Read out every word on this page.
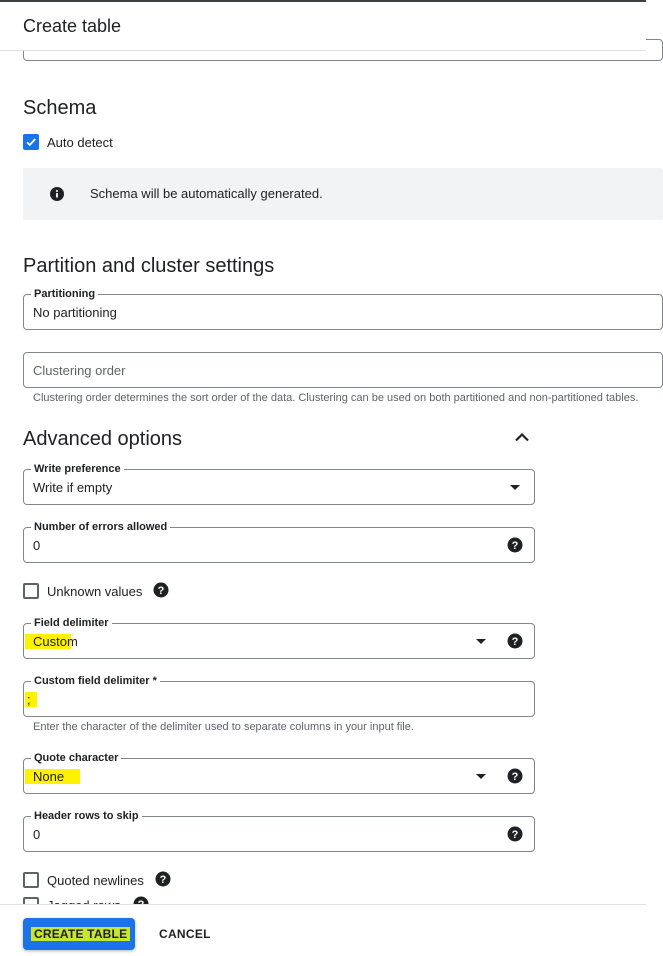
Create table
Schema
Auto detect
Schema will be automatically generated.
Partition and cluster settings
Partitioning
No partitioning
Clustering order
Clustering order determines the sort order of the data. Clustering can be used on both partitioned and non-partitioned tables.
Advanced options
Write preference
Write if empty
Number of errors allowed
0	?
Unknown values ?
Field delimiter
Custom	?
Custom field delimiter *
;
Enter the character of the delimiter used to separate columns in your input file.
Quote character
None	?
Header rows to skip
0	?
Quoted newlines ?
CREATE TABLE	CANCEL
